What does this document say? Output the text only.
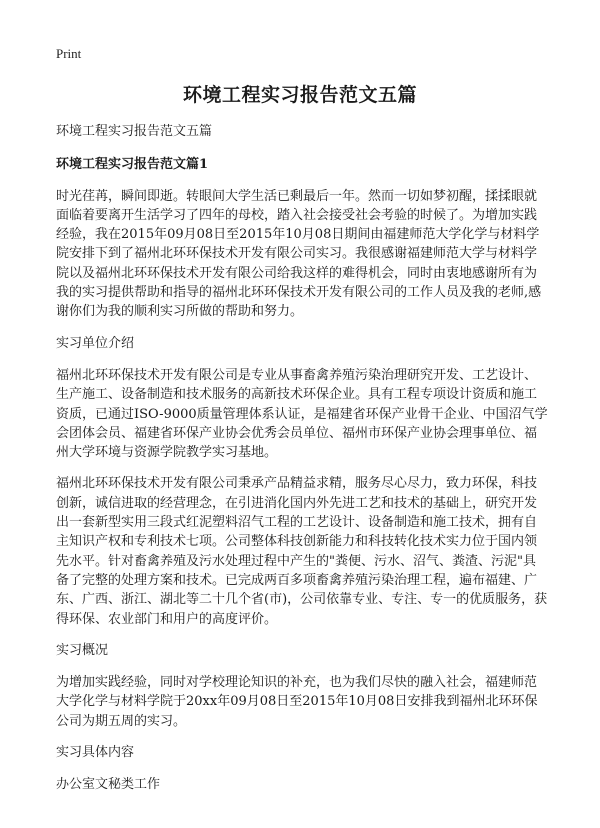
Print
环境工程实习报告范文五篇

环境工程实习报告范文五篇

环境工程实习报告范文篇1

时光荏苒，瞬间即逝。转眼间大学生活已剩最后一年。然而一切如梦初醒，揉揉眼就面临着要离开生活学习了四年的母校，踏入社会接受社会考验的时候了。为增加实践经验，我在2015年09月08日至2015年10月08日期间由福建师范大学化学与材料学院安排下到了福州北环环保技术开发有限公司实习。我很感谢福建师范大学与材料学院以及福州北环环保技术开发有限公司给我这样的难得机会，同时由衷地感谢所有为我的实习提供帮助和指导的福州北环环保技术开发有限公司的工作人员及我的老师,感谢你们为我的顺利实习所做的帮助和努力。

实习单位介绍

福州北环环保技术开发有限公司是专业从事畜禽养殖污染治理研究开发、工艺设计、生产施工、设备制造和技术服务的高新技术环保企业。具有工程专项设计资质和施工资质，已通过ISO-9000质量管理体系认证，是福建省环保产业骨干企业、中国沼气学会团体会员、福建省环保产业协会优秀会员单位、福州市环保产业协会理事单位、福州大学环境与资源学院教学实习基地。

福州北环环保技术开发有限公司秉承产品精益求精，服务尽心尽力，致力环保，科技创新，诚信进取的经营理念，在引进消化国内外先进工艺和技术的基础上，研究开发出一套新型实用三段式红泥塑料沼气工程的工艺设计、设备制造和施工技术，拥有自主知识产权和专利技术七项。公司整体科技创新能力和科技转化技术实力位于国内领先水平。针对畜禽养殖及污水处理过程中产生的"粪便、污水、沼气、粪渣、污泥"具备了完整的处理方案和技术。已完成两百多项畜禽养殖污染治理工程，遍布福建、广东、广西、浙江、湖北等二十几个省(市)，公司依靠专业、专注、专一的优质服务，获得环保、农业部门和用户的高度评价。

实习概况

为增加实践经验，同时对学校理论知识的补充，也为我们尽快的融入社会，福建师范大学化学与材料学院于20xx年09月08日至2015年10月08日安排我到福州北环环保公司为期五周的实习。

实习具体内容

办公室文秘类工作
